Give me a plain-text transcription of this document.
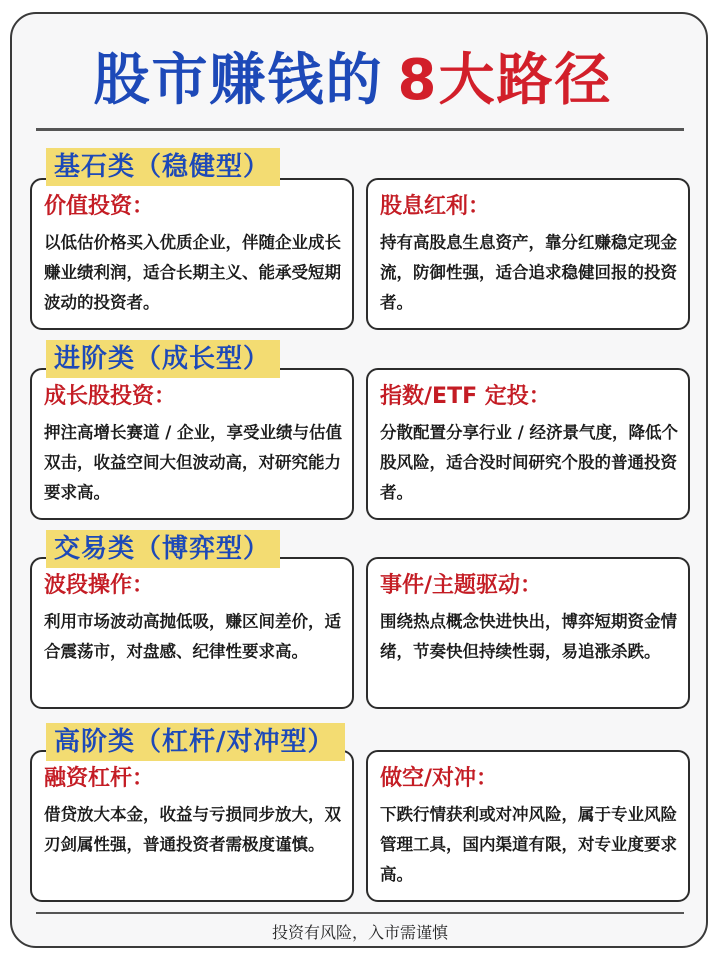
股市赚钱的 8大路径
基石类（稳健型）
价值投资：
以低估价格买入优质企业，伴随企业成长赚业绩利润，适合长期主义、能承受短期波动的投资者。
股息红利：
持有高股息生息资产，靠分红赚稳定现金流，防御性强，适合追求稳健回报的投资者。
进阶类（成长型）
成长股投资：
押注高增长赛道 / 企业，享受业绩与估值双击，收益空间大但波动高，对研究能力要求高。
指数/ETF 定投：
分散配置分享行业 / 经济景气度，降低个股风险，适合没时间研究个股的普通投资者。
交易类（博弈型）
波段操作：
利用市场波动高抛低吸，赚区间差价，适合震荡市，对盘感、纪律性要求高。
事件/主题驱动：
围绕热点概念快进快出，博弈短期资金情绪，节奏快但持续性弱，易追涨杀跌。
高阶类（杠杆/对冲型）
融资杠杆：
借贷放大本金，收益与亏损同步放大，双刃剑属性强，普通投资者需极度谨慎。
做空/对冲：
下跌行情获利或对冲风险，属于专业风险管理工具，国内渠道有限，对专业度要求高。
投资有风险，入市需谨慎
